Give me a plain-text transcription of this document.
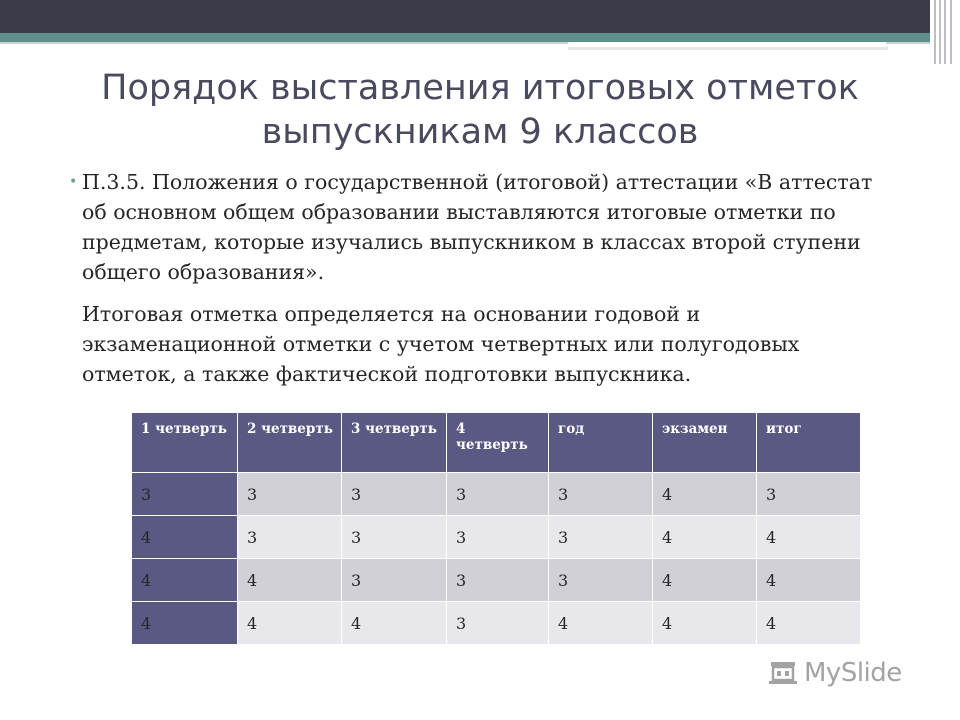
Порядок выставления итоговых отметок выпускникам 9 классов
• П.3.5. Положения о государственной (итоговой) аттестации «В аттестат об основном общем образовании выставляются итоговые отметки по предметам, которые изучались выпускником в классах второй ступени общего образования».

Итоговая отметка определяется на основании годовой и экзаменационной отметки с учетом четвертных или полугодовых отметок, а также фактической подготовки выпускника.

1 четверть	2 четверть	3 четверть	4 четверть	год	экзамен	итог
3	3	3	3	3	4	3
4	3	3	3	3	4	4
4	4	3	3	3	4	4
4	4	4	3	4	4	4
MySlide
